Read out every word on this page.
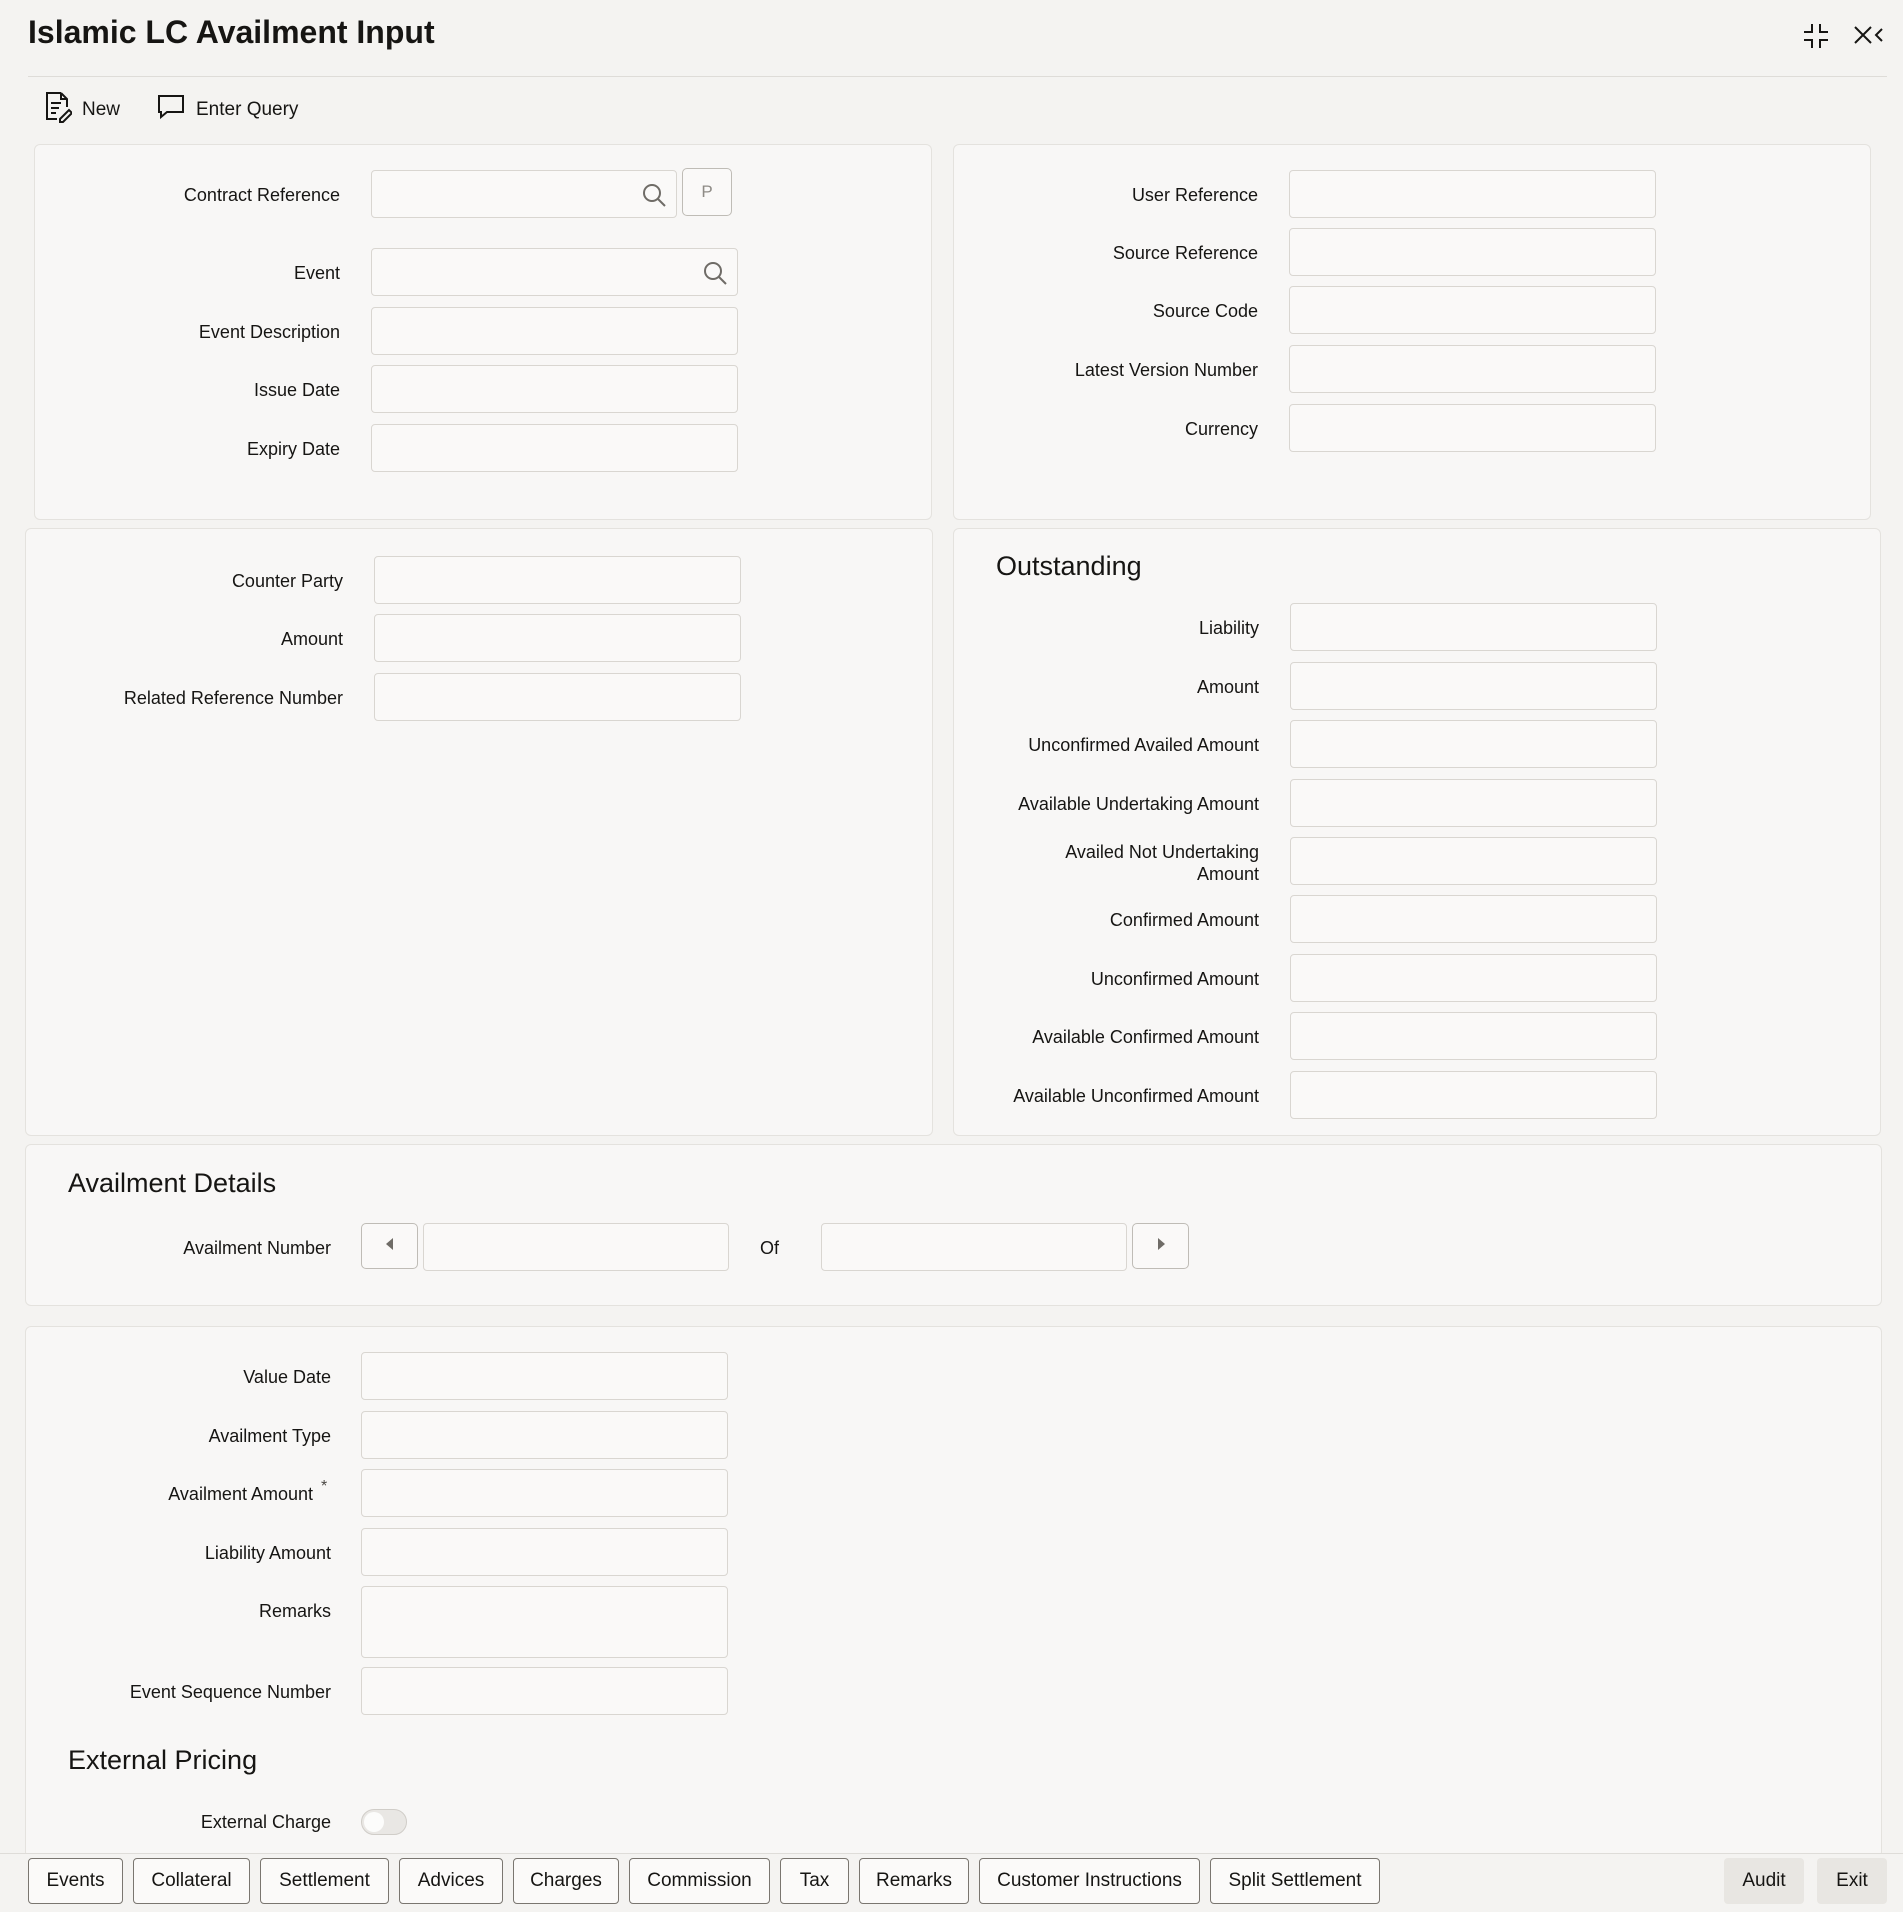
Islamic LC Availment Input
New	Enter Query
Contract Reference	P
Event
Event Description
Issue Date
Expiry Date
User Reference
Source Reference
Source Code
Latest Version Number
Currency
Counter Party
Amount
Related Reference Number
Outstanding
Liability
Amount
Unconfirmed Availed Amount
Available Undertaking Amount
Availed Not Undertaking Amount
Confirmed Amount
Unconfirmed Amount
Available Confirmed Amount
Available Unconfirmed Amount
Availment Details
Availment Number	Of
Value Date
Availment Type
Availment Amount *
Liability Amount
Remarks
Event Sequence Number
External Pricing
External Charge
Events	Collateral	Settlement	Advices	Charges	Commission	Tax	Remarks	Customer Instructions	Split Settlement	Audit	Exit
